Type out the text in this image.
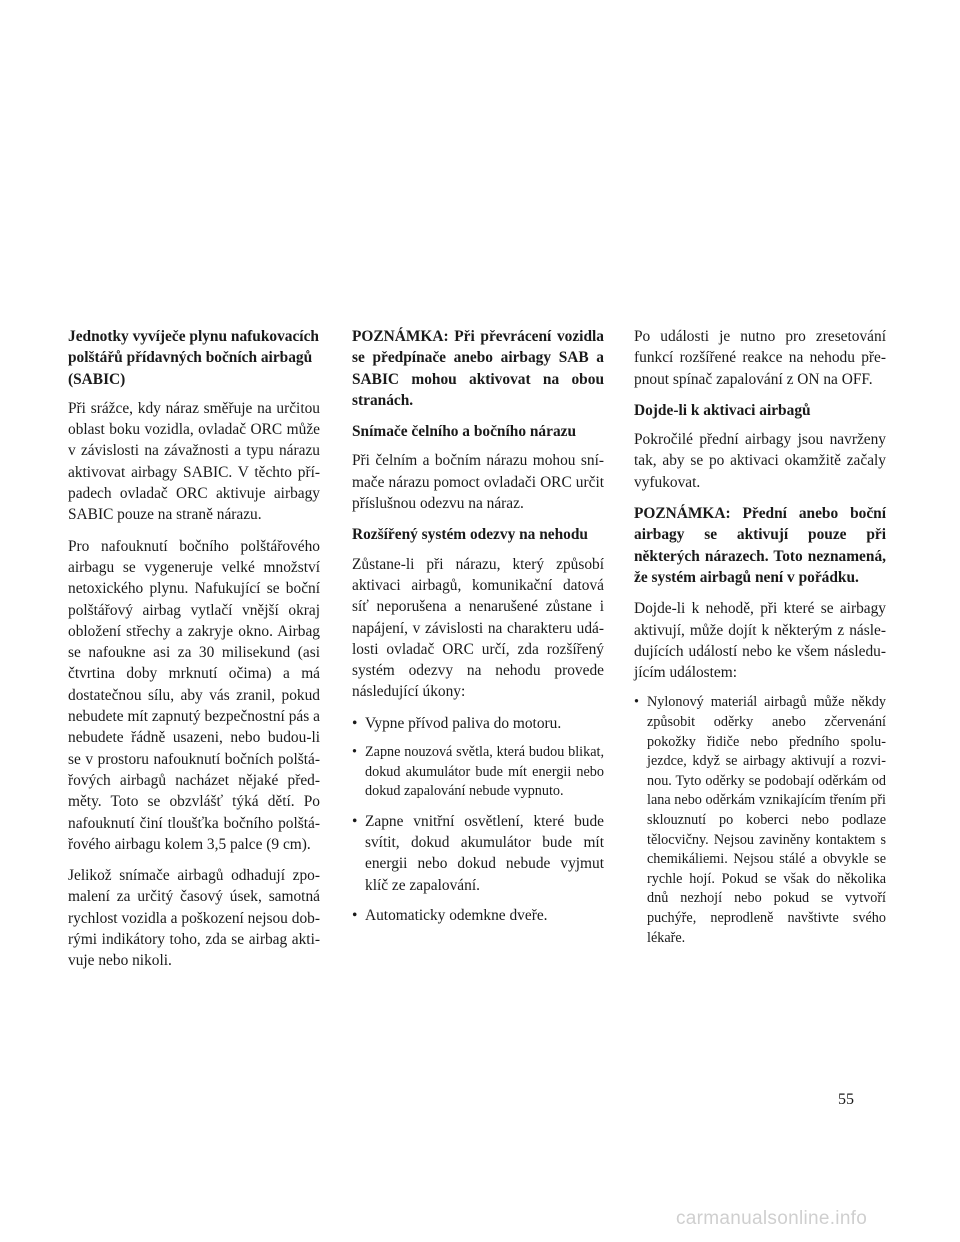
Jednotky vyvíječe plynu nafukovacích polštářů přídavných bočních airbagů (SABIC)

Při srážce, kdy náraz směřuje na určitou oblast boku vozidla, ovladač ORC může v závislosti na závažnosti a typu nárazu aktivovat airbagy SABIC. V těchto případech ovladač ORC aktivuje airbagy SABIC pouze na straně nárazu.

Pro nafouknutí bočního polštářového airbagu se vygeneruje velké množství netoxického plynu. Nafukující se boční polštářový airbag vytlačí vnější okraj obložení střechy a zakryje okno. Airbag se nafoukne asi za 30 milisekund (asi čtvrtina doby mrknutí očima) a má dostatečnou sílu, aby vás zranil, pokud nebudete mít zapnutý bezpečnostní pás a nebudete řádně usazeni, nebo budou-li se v prostoru nafouknutí bočních polštářových airbagů nacházet nějaké předměty. Toto se obzvlášť týká dětí. Po nafouknutí činí tloušťka bočního polštářového airbagu kolem 3,5 palce (9 cm).

Jelikož snímače airbagů odhadují zpomalení za určitý časový úsek, samotná rychlost vozidla a poškození nejsou dobrými indikátory toho, zda se airbag aktivuje nebo nikoli.

POZNÁMKA: Při převrácení vozidla se předpínače anebo airbagy SAB a SABIC mohou aktivovat na obou stranách.

Snímače čelního a bočního nárazu

Při čelním a bočním nárazu mohou snímače nárazu pomoct ovladači ORC určit příslušnou odezvu na náraz.

Rozšířený systém odezvy na nehodu

Zůstane-li při nárazu, který způsobí aktivaci airbagů, komunikační datová síť neporušena a nenarušené zůstane i napájení, v závislosti na charakteru události ovladač ORC určí, zda rozšířený systém odezvy na nehodu provede následující úkony:

• Vypne přívod paliva do motoru.
• Zapne nouzová světla, která budou blikat, dokud akumulátor bude mít energii nebo dokud zapalování nebude vypnuto.
• Zapne vnitřní osvětlení, které bude svítit, dokud akumulátor bude mít energii nebo dokud nebude vyjmut klíč ze zapalování.
• Automaticky odemkne dveře.

Po události je nutno pro zresetování funkcí rozšířené reakce na nehodu přepnout spínač zapalování z ON na OFF.

Dojde-li k aktivaci airbagů

Pokročilé přední airbagy jsou navrženy tak, aby se po aktivaci okamžitě začaly vyfukovat.

POZNÁMKA: Přední anebo boční airbagy se aktivují pouze při některých nárazech. Toto neznamená, že systém airbagů není v pořádku.

Dojde-li k nehodě, při které se airbagy aktivují, může dojít k některým z následujících událostí nebo ke všem následujícím událostem:

• Nylonový materiál airbagů může někdy způsobit oděrky anebo zčervenání pokožky řidiče nebo předního spolujezdce, když se airbagy aktivují a rozvinou. Tyto oděrky se podobají oděrkám od lana nebo oděrkám vznikajícím třením při sklouznutí po koberci nebo podlaze tělocvičny. Nejsou zaviněny kontaktem s chemikáliemi. Nejsou stálé a obvykle se rychle hojí. Pokud se však do několika dnů nezhojí nebo pokud se vytvoří puchýře, neprodleně navštivte svého lékaře.
55
carmanualsonline.info
